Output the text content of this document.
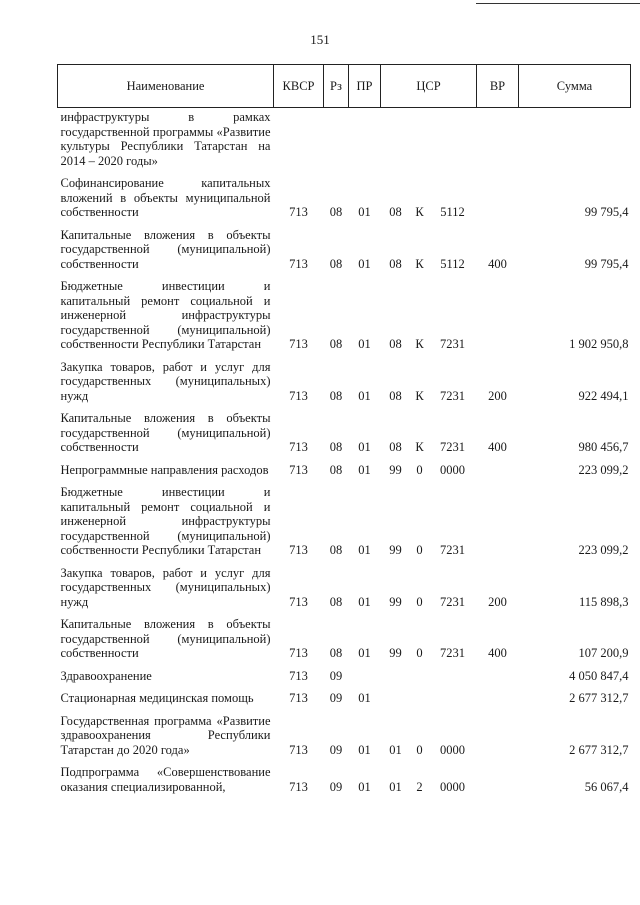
151
Наименование	КВСР	Рз	ПР	ЦСР	ВР	Сумма
инфраструктуры в рамках государственной программы «Развитие культуры Республики Татарстан на 2014 – 2020 годы»						
Софинансирование капитальных вложений в объекты муниципальной собственности	713	08	01	08 К 5112		99 795,4
Капитальные вложения в объекты государственной (муниципальной) собственности	713	08	01	08 К 5112	400	99 795,4
Бюджетные инвестиции и капитальный ремонт социальной и инженерной инфраструктуры государственной (муниципальной) собственности Республики Татарстан	713	08	01	08 К 7231		1 902 950,8
Закупка товаров, работ и услуг для государственных (муниципальных) нужд	713	08	01	08 К 7231	200	922 494,1
Капитальные вложения в объекты государственной (муниципальной) собственности	713	08	01	08 К 7231	400	980 456,7
Непрограммные направления расходов	713	08	01	99 0 0000		223 099,2
Бюджетные инвестиции и капитальный ремонт социальной и инженерной инфраструктуры государственной (муниципальной) собственности Республики Татарстан	713	08	01	99 0 7231		223 099,2
Закупка товаров, работ и услуг для государственных (муниципальных) нужд	713	08	01	99 0 7231	200	115 898,3
Капитальные вложения в объекты государственной (муниципальной) собственности	713	08	01	99 0 7231	400	107 200,9
Здравоохранение	713	09				4 050 847,4
Стационарная медицинская помощь	713	09	01			2 677 312,7
Государственная программа «Развитие здравоохранения Республики Татарстан до 2020 года»	713	09	01	01 0 0000		2 677 312,7
Подпрограмма «Совершенствование оказания специализированной,	713	09	01	01 2 0000		56 067,4
